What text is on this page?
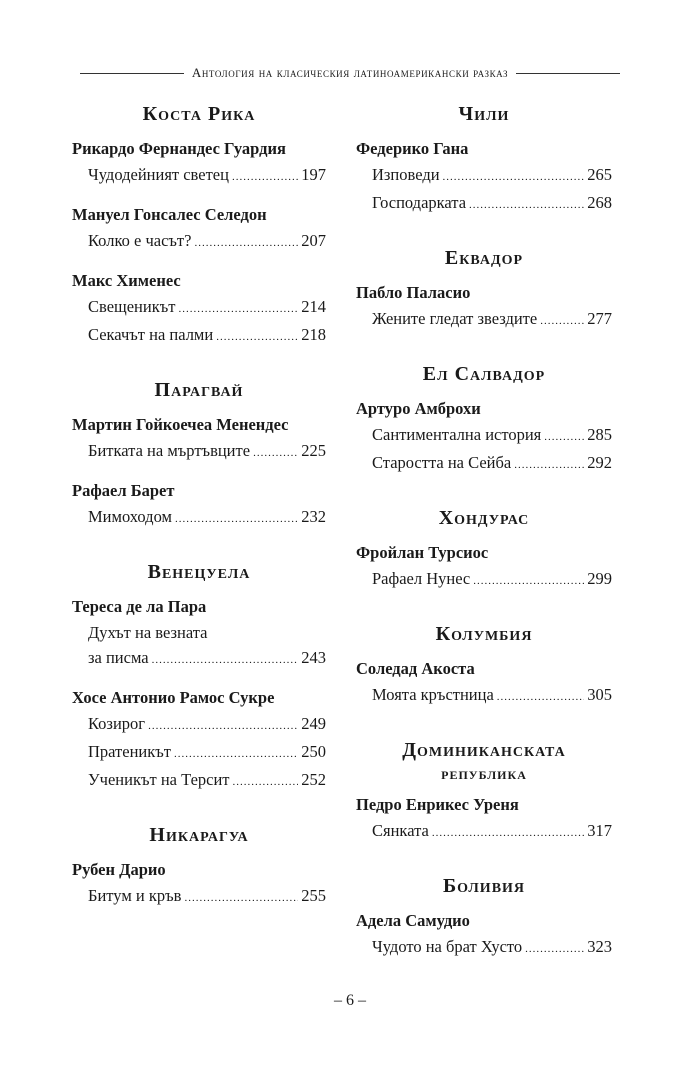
Антология на класическия латиноамерикански разказ
Коста Рика
Рикардо Фернандес Гуардия
Чудодейният светец .....	197
Мануел Гонсалес Селедон
Колко е часът? .....	207
Макс Хименес
Свещеникът .....	214
Секачът на палми .....	218
Парагвай
Мартин Гойкоечеа Менендес
Битката на мъртъвците .....	225
Рафаел Барет
Мимоходом .....	232
Венецуела
Тереса де ла Пара
Духът на везната
за писма .....	243
Хосе Антонио Рамос Сукре
Козирог .....	249
Пратеникът .....	250
Ученикът на Терсит .....	252
Никарагуа
Рубен Дарио
Битум и кръв .....	255
Чили
Федерико Гана
Изповеди .....	265
Господарката .....	268
Еквадор
Пабло Паласио
Жените гледат звездите .....	277
Ел Салвадор
Артуро Амброхи
Сантиментална история .....	285
Старостта на Сейба .....	292
Хондурас
Фройлан Турсиос
Рафаел Нунес .....	299
Колумбия
Соледад Акоста
Моята кръстница .....	305
Доминиканската
република
Педро Енрикес Уреня
Сянката .....	317
Боливия
Адела Самудио
Чудото на брат Хусто .....	323
– 6 –
